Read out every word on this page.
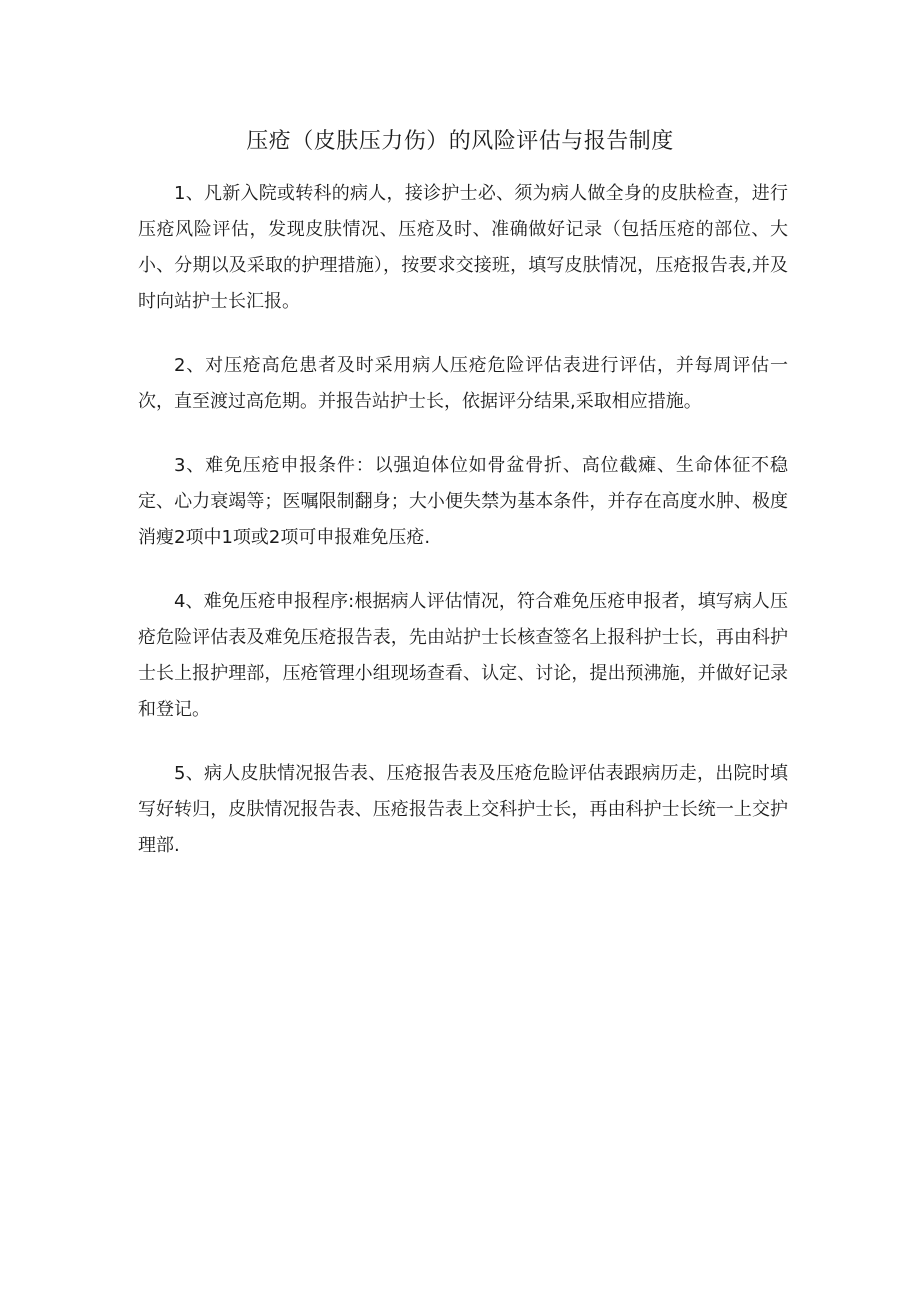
压疮（皮肤压力伤）的风险评估与报告制度

1、凡新入院或转科的病人，接诊护士必、须为病人做全身的皮肤检查，进行压疮风险评估，发现皮肤情况、压疮及时、准确做好记录（包括压疮的部位、大小、分期以及采取的护理措施），按要求交接班，填写皮肤情况，压疮报告表,并及时向站护士长汇报。

2、对压疮高危患者及时采用病人压疮危险评估表进行评估，并每周评估一次，直至渡过高危期。并报告站护士长，依据评分结果,采取相应措施。

3、难免压疮申报条件：以强迫体位如骨盆骨折、高位截瘫、生命体征不稳定、心力衰竭等；医嘱限制翻身；大小便失禁为基本条件，并存在高度水肿、极度消瘦2项中1项或2项可申报难免压疮.

4、难免压疮申报程序:根据病人评估情况，符合难免压疮申报者，填写病人压疮危险评估表及难免压疮报告表，先由站护士长核查签名上报科护士长，再由科护士长上报护理部，压疮管理小组现场查看、认定、讨论，提出预沸施，并做好记录和登记。

5、病人皮肤情况报告表、压疮报告表及压疮危睑评估表跟病历走，出院时填写好转归，皮肤情况报告表、压疮报告表上交科护士长，再由科护士长统一上交护理部.
